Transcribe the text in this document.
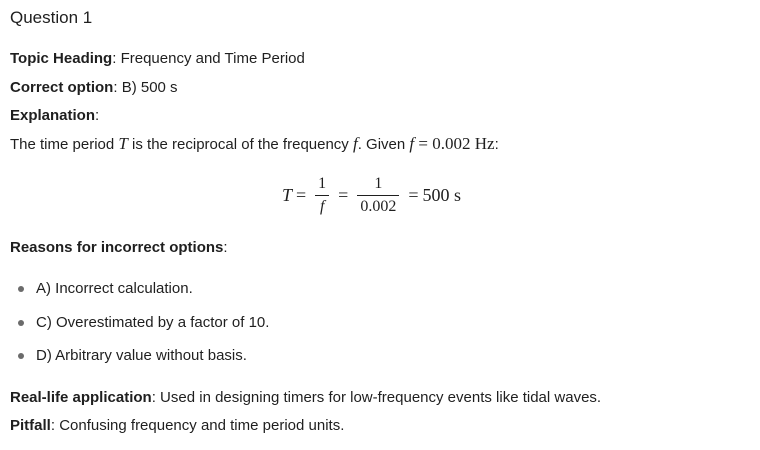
Question 1
Topic Heading: Frequency and Time Period
Correct option: B) 500 s
Explanation:
The time period T is the reciprocal of the frequency f. Given f = 0.002 Hz:
$T = \frac{1}{f} = \frac{1}{0.002} = 500$ s
Reasons for incorrect options:
A) Incorrect calculation.
C) Overestimated by a factor of 10.
D) Arbitrary value without basis.
Real-life application: Used in designing timers for low-frequency events like tidal waves.
Pitfall: Confusing frequency and time period units.
